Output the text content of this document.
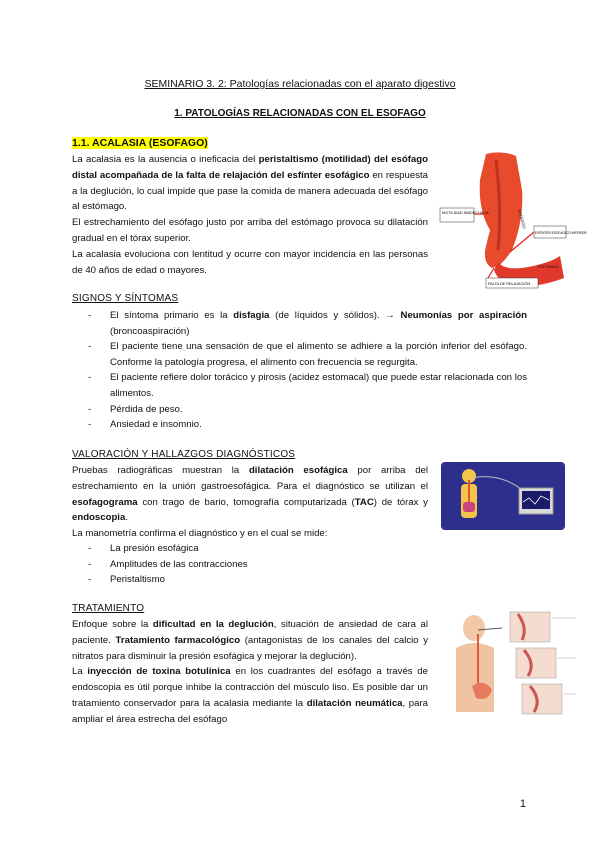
SEMINARIO 3. 2: Patologías relacionadas con el aparato digestivo
1. PATOLOGÍAS RELACIONADAS CON EL ESOFAGO
1.1. ACALASIA (ESOFAGO)

La acalasia es la ausencia o ineficacia del peristaltismo (motilidad) del esófago distal acompañada de la falta de relajación del esfínter esofágico en respuesta a la deglución, lo cual impide que pase la comida de manera adecuada del esófago al estómago.

El estrechamiento del esófago justo por arriba del estómago provoca su dilatación gradual en el tórax superior.

La acalasia evoluciona con lentitud y ocurre con mayor incidencia en las personas de 40 años de edad o mayores.

MOTILIDAD INADECUADA	ESÓFAGO
ESFÍNTER ESOFÁGICO INFERIOR
ESTÓMAGO
FALTA DE RELAJACIÓN
SIGNOS Y SÍNTOMAS
- El síntoma primario es la disfagia (de líquidos y sólidos). → Neumonías por aspiración (broncoaspiración)
- El paciente tiene una sensación de que el alimento se adhiere a la porción inferior del esófago. Conforme la patología progresa, el alimento con frecuencia se regurgita.
- El paciente refiere dolor torácico y pirosis (acidez estomacal) que puede estar relacionada con los alimentos.
- Pérdida de peso.
- Ansiedad e insomnio.
VALORACIÓN Y HALLAZGOS DIAGNÓSTICOS

Pruebas radiográficas muestran la dilatación esofágica por arriba del estrechamiento en la unión gastroesofágica. Para el diagnóstico se utilizan el esofagograma con trago de bario, tomografía computarizada (TAC) de tórax y endoscopia.

La manometría confirma el diagnóstico y en el cual se mide:

- La presión esofágica
- Amplitudes de las contracciones
- Peristaltismo
TRATAMIENTO

Enfoque sobre la dificultad en la deglución, situación de ansiedad de cara al paciente. Tratamiento farmacológico (antagonistas de los canales del calcio y nitratos para disminuir la presión esofágica y mejorar la deglución).

La inyección de toxina botulínica en los cuadrantes del esófago a través de endoscopia es útil porque inhibe la contracción del músculo liso. Es posible dar un tratamiento conservador para la acalasia mediante la dilatación neumática, para ampliar el área estrecha del esófago

1
